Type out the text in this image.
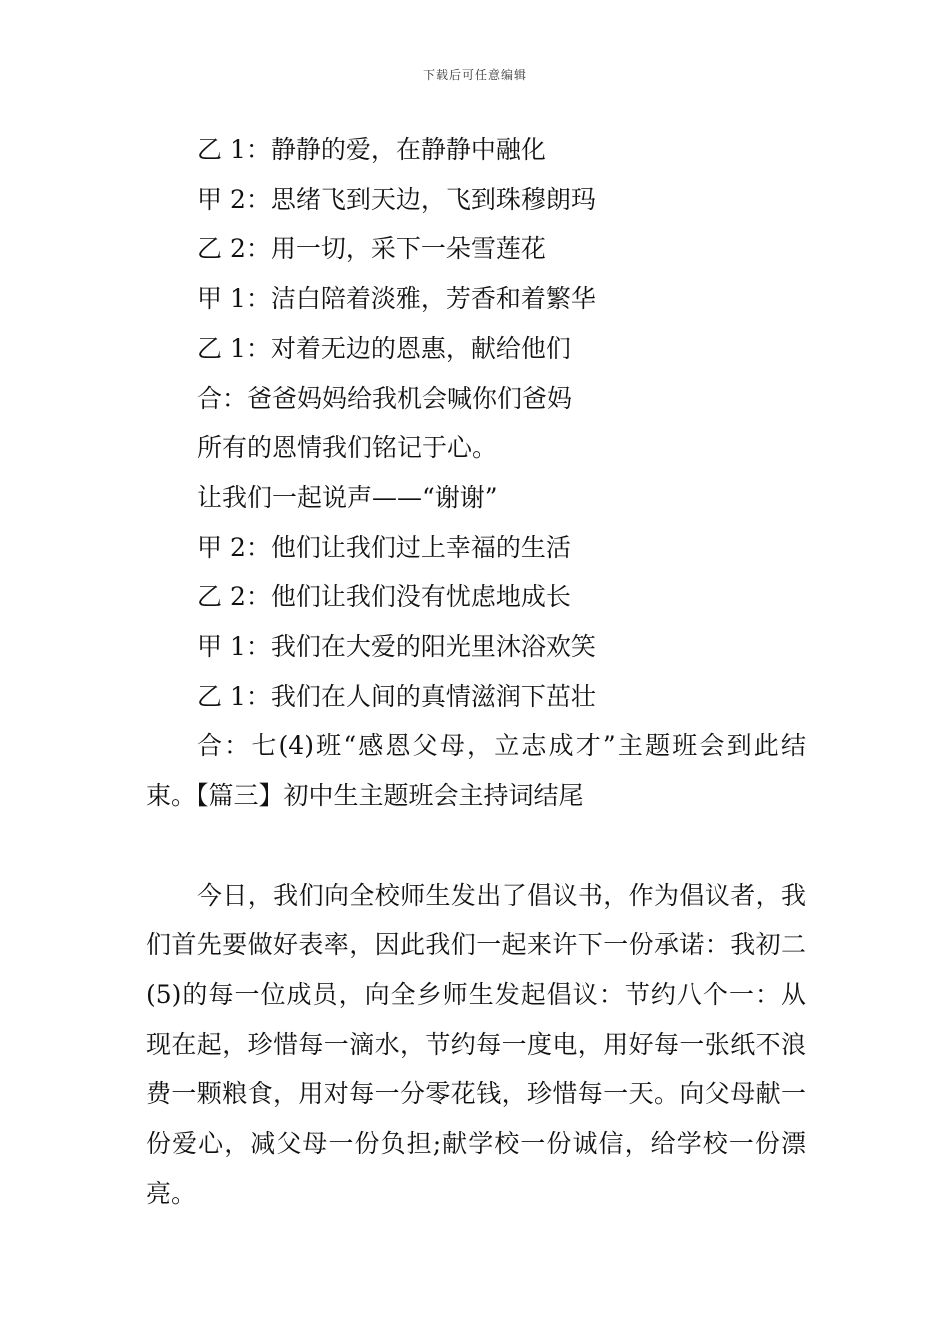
下载后可任意编辑
乙 1：静静的爱，在静静中融化
甲 2：思绪飞到天边，飞到珠穆朗玛
乙 2：用一切，采下一朵雪莲花
甲 1：洁白陪着淡雅，芳香和着繁华
乙 1：对着无边的恩惠，献给他们
合：爸爸妈妈给我机会喊你们爸妈
所有的恩情我们铭记于心。
让我们一起说声——“谢谢”
甲 2：他们让我们过上幸福的生活
乙 2：他们让我们没有忧虑地成长
甲 1：我们在大爱的阳光里沐浴欢笑
乙 1：我们在人间的真情滋润下茁壮
合：七(4)班“感恩父母，立志成才”主题班会到此结束。【篇三】初中生主题班会主持词结尾
今日，我们向全校师生发出了倡议书，作为倡议者，我们首先要做好表率，因此我们一起来许下一份承诺：我初二(5)的每一位成员，向全乡师生发起倡议：节约八个一：从现在起，珍惜每一滴水，节约每一度电，用好每一张纸不浪费一颗粮食，用对每一分零花钱，珍惜每一天。向父母献一份爱心，减父母一份负担;献学校一份诚信，给学校一份漂亮。
